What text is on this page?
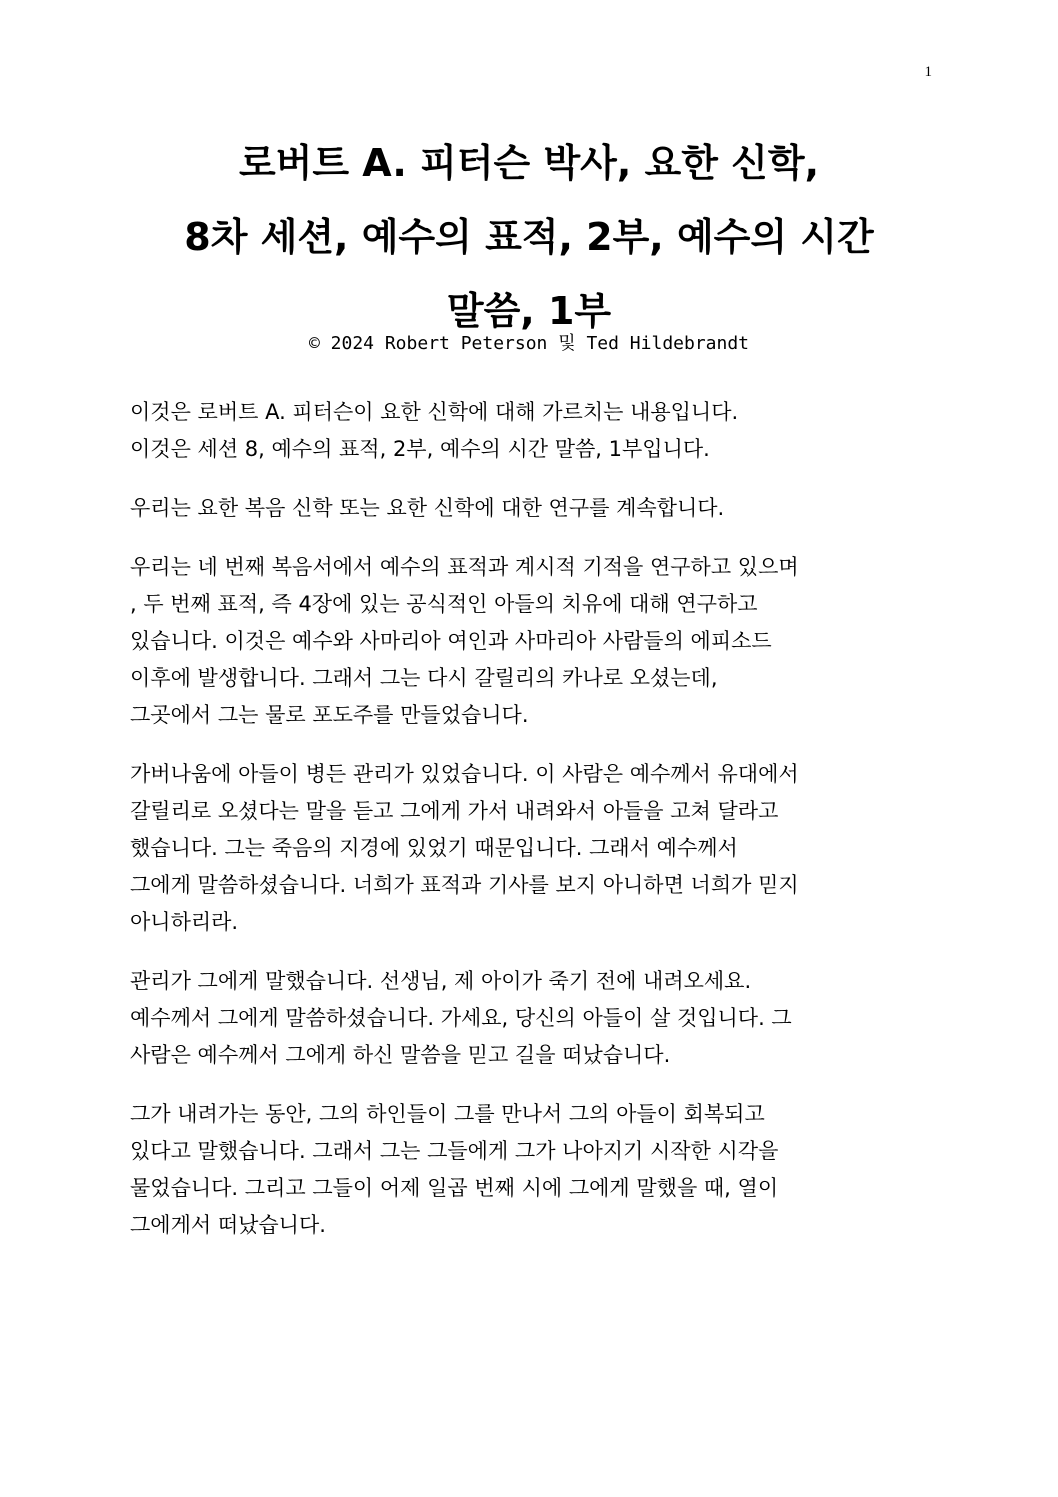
1
로버트 A. 피터슨 박사, 요한 신학,
8차 세션, 예수의 표적, 2부, 예수의 시간
말씀, 1부
© 2024 Robert Peterson 및 Ted Hildebrandt

이것은 로버트 A. 피터슨이 요한 신학에 대해 가르치는 내용입니다.
이것은 세션 8, 예수의 표적, 2부, 예수의 시간 말씀, 1부입니다.

우리는 요한 복음 신학 또는 요한 신학에 대한 연구를 계속합니다.

우리는 네 번째 복음서에서 예수의 표적과 계시적 기적을 연구하고 있으며
, 두 번째 표적, 즉 4장에 있는 공식적인 아들의 치유에 대해 연구하고
있습니다. 이것은 예수와 사마리아 여인과 사마리아 사람들의 에피소드
이후에 발생합니다. 그래서 그는 다시 갈릴리의 카나로 오셨는데,
그곳에서 그는 물로 포도주를 만들었습니다.

가버나움에 아들이 병든 관리가 있었습니다. 이 사람은 예수께서 유대에서
갈릴리로 오셨다는 말을 듣고 그에게 가서 내려와서 아들을 고쳐 달라고
했습니다. 그는 죽음의 지경에 있었기 때문입니다. 그래서 예수께서
그에게 말씀하셨습니다. 너희가 표적과 기사를 보지 아니하면 너희가 믿지
아니하리라.

관리가 그에게 말했습니다. 선생님, 제 아이가 죽기 전에 내려오세요.
예수께서 그에게 말씀하셨습니다. 가세요, 당신의 아들이 살 것입니다. 그
사람은 예수께서 그에게 하신 말씀을 믿고 길을 떠났습니다.

그가 내려가는 동안, 그의 하인들이 그를 만나서 그의 아들이 회복되고
있다고 말했습니다. 그래서 그는 그들에게 그가 나아지기 시작한 시각을
물었습니다. 그리고 그들이 어제 일곱 번째 시에 그에게 말했을 때, 열이
그에게서 떠났습니다.
